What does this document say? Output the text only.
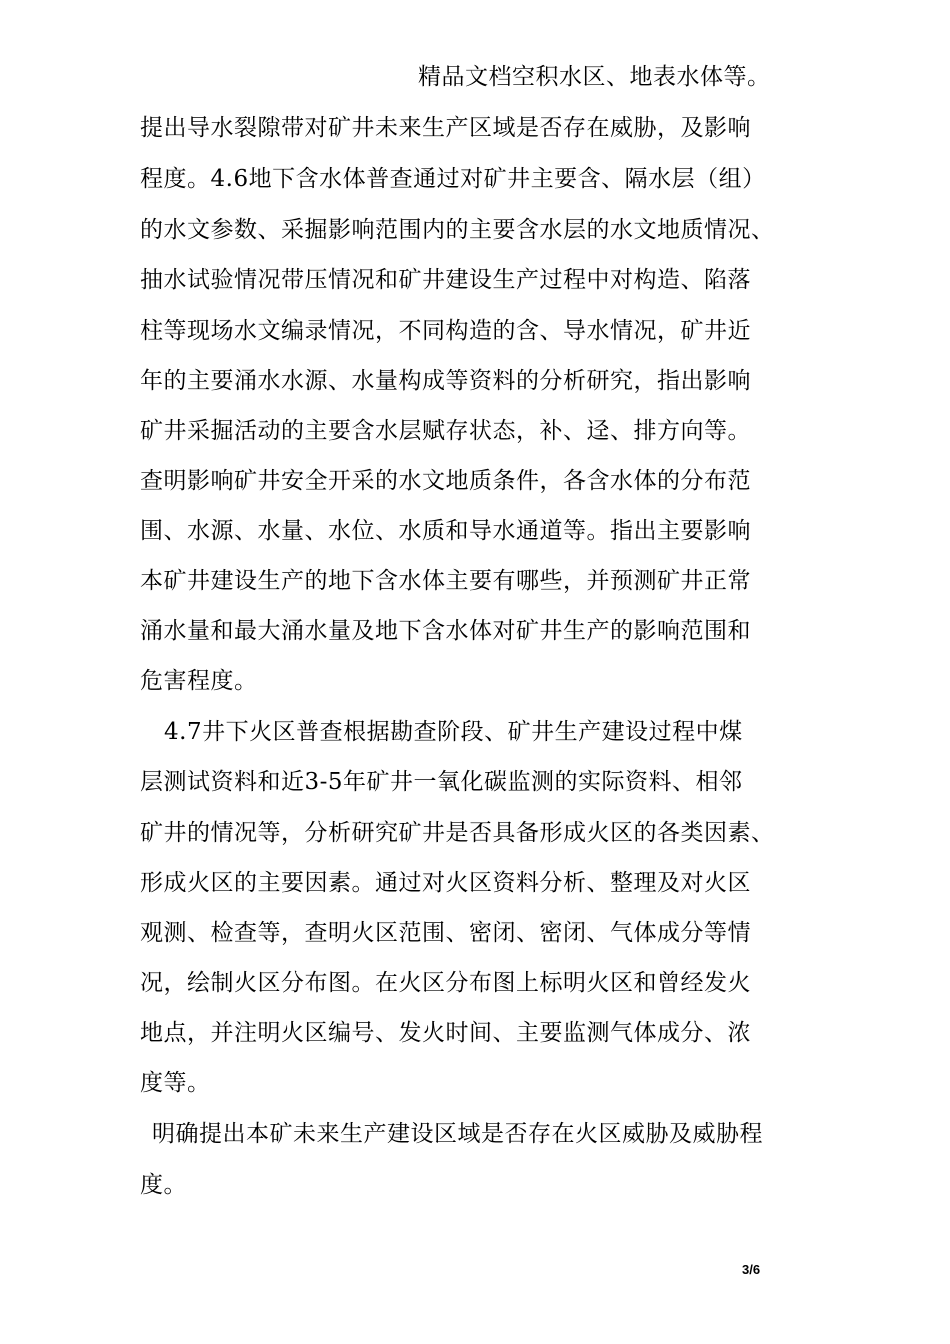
精品文档空积水区、地表水体等。
提出导水裂隙带对矿井未来生产区域是否存在威胁，及影响
程度。4.6地下含水体普查通过对矿井主要含、隔水层（组）
的水文参数、采掘影响范围内的主要含水层的水文地质情况、
抽水试验情况带压情况和矿井建设生产过程中对构造、陷落
柱等现场水文编录情况，不同构造的含、导水情况，矿井近
年的主要涌水水源、水量构成等资料的分析研究，指出影响
矿井采掘活动的主要含水层赋存状态，补、迳、排方向等。
查明影响矿井安全开采的水文地质条件，各含水体的分布范
围、水源、水量、水位、水质和导水通道等。指出主要影响
本矿井建设生产的地下含水体主要有哪些，并预测矿井正常
涌水量和最大涌水量及地下含水体对矿井生产的影响范围和
危害程度。
4.7井下火区普查根据勘查阶段、矿井生产建设过程中煤
层测试资料和近3-5年矿井一氧化碳监测的实际资料、相邻
矿井的情况等，分析研究矿井是否具备形成火区的各类因素、
形成火区的主要因素。通过对火区资料分析、整理及对火区
观测、检查等，查明火区范围、密闭、密闭、气体成分等情
况，绘制火区分布图。在火区分布图上标明火区和曾经发火
地点，并注明火区编号、发火时间、主要监测气体成分、浓
度等。
明确提出本矿未来生产建设区域是否存在火区威胁及威胁程
度。
3/6
